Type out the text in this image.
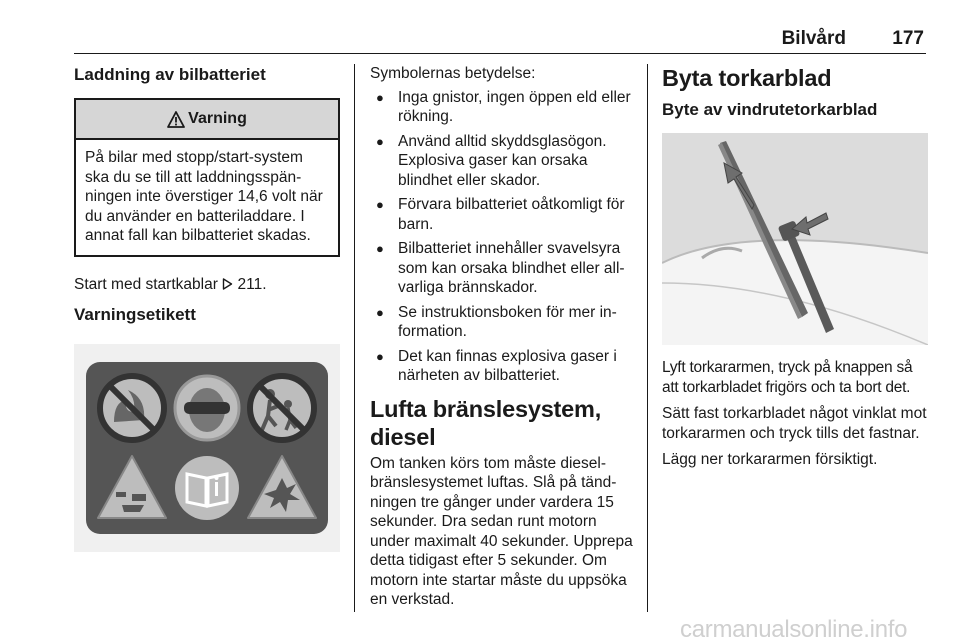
Bilvård 177
Laddning av bilbatteriet
Varning
På bilar med stopp/start-system ska du se till att laddningsspänningen inte överstiger 14,6 volt när du använder en batteriladdare. I annat fall kan bilbatteriet skadas.

Start med startkablar 211.

Varningsetikett

Symbolernas betydelse:

● Inga gnistor, ingen öppen eld eller rökning.
● Använd alltid skyddsglasögon. Explosiva gaser kan orsaka blindhet eller skador.
● Förvara bilbatteriet oåtkomligt för barn.
● Bilbatteriet innehåller svavelsyra som kan orsaka blindhet eller allvarliga brännskador.
● Se instruktionsboken för mer information.
● Det kan finnas explosiva gaser i närheten av bilbatteriet.
Lufta bränslesystem, diesel

Om tanken körs tom måste dieselbränslesystemet luftas. Slå på tändningen tre gånger under vardera 15 sekunder. Dra sedan runt motorn under maximalt 40 sekunder. Upprepa detta tidigast efter 5 sekunder. Om motorn inte startar måste du uppsöka en verkstad.

Byta torkarblad
Byte av vindrutetorkarblad

Lyft torkararmen, tryck på knappen så att torkarbladet frigörs och ta bort det.

Sätt fast torkarbladet något vinklat mot torkararmen och tryck tills det fastnar.

Lägg ner torkararmen försiktigt.

carmanualsonline.info
